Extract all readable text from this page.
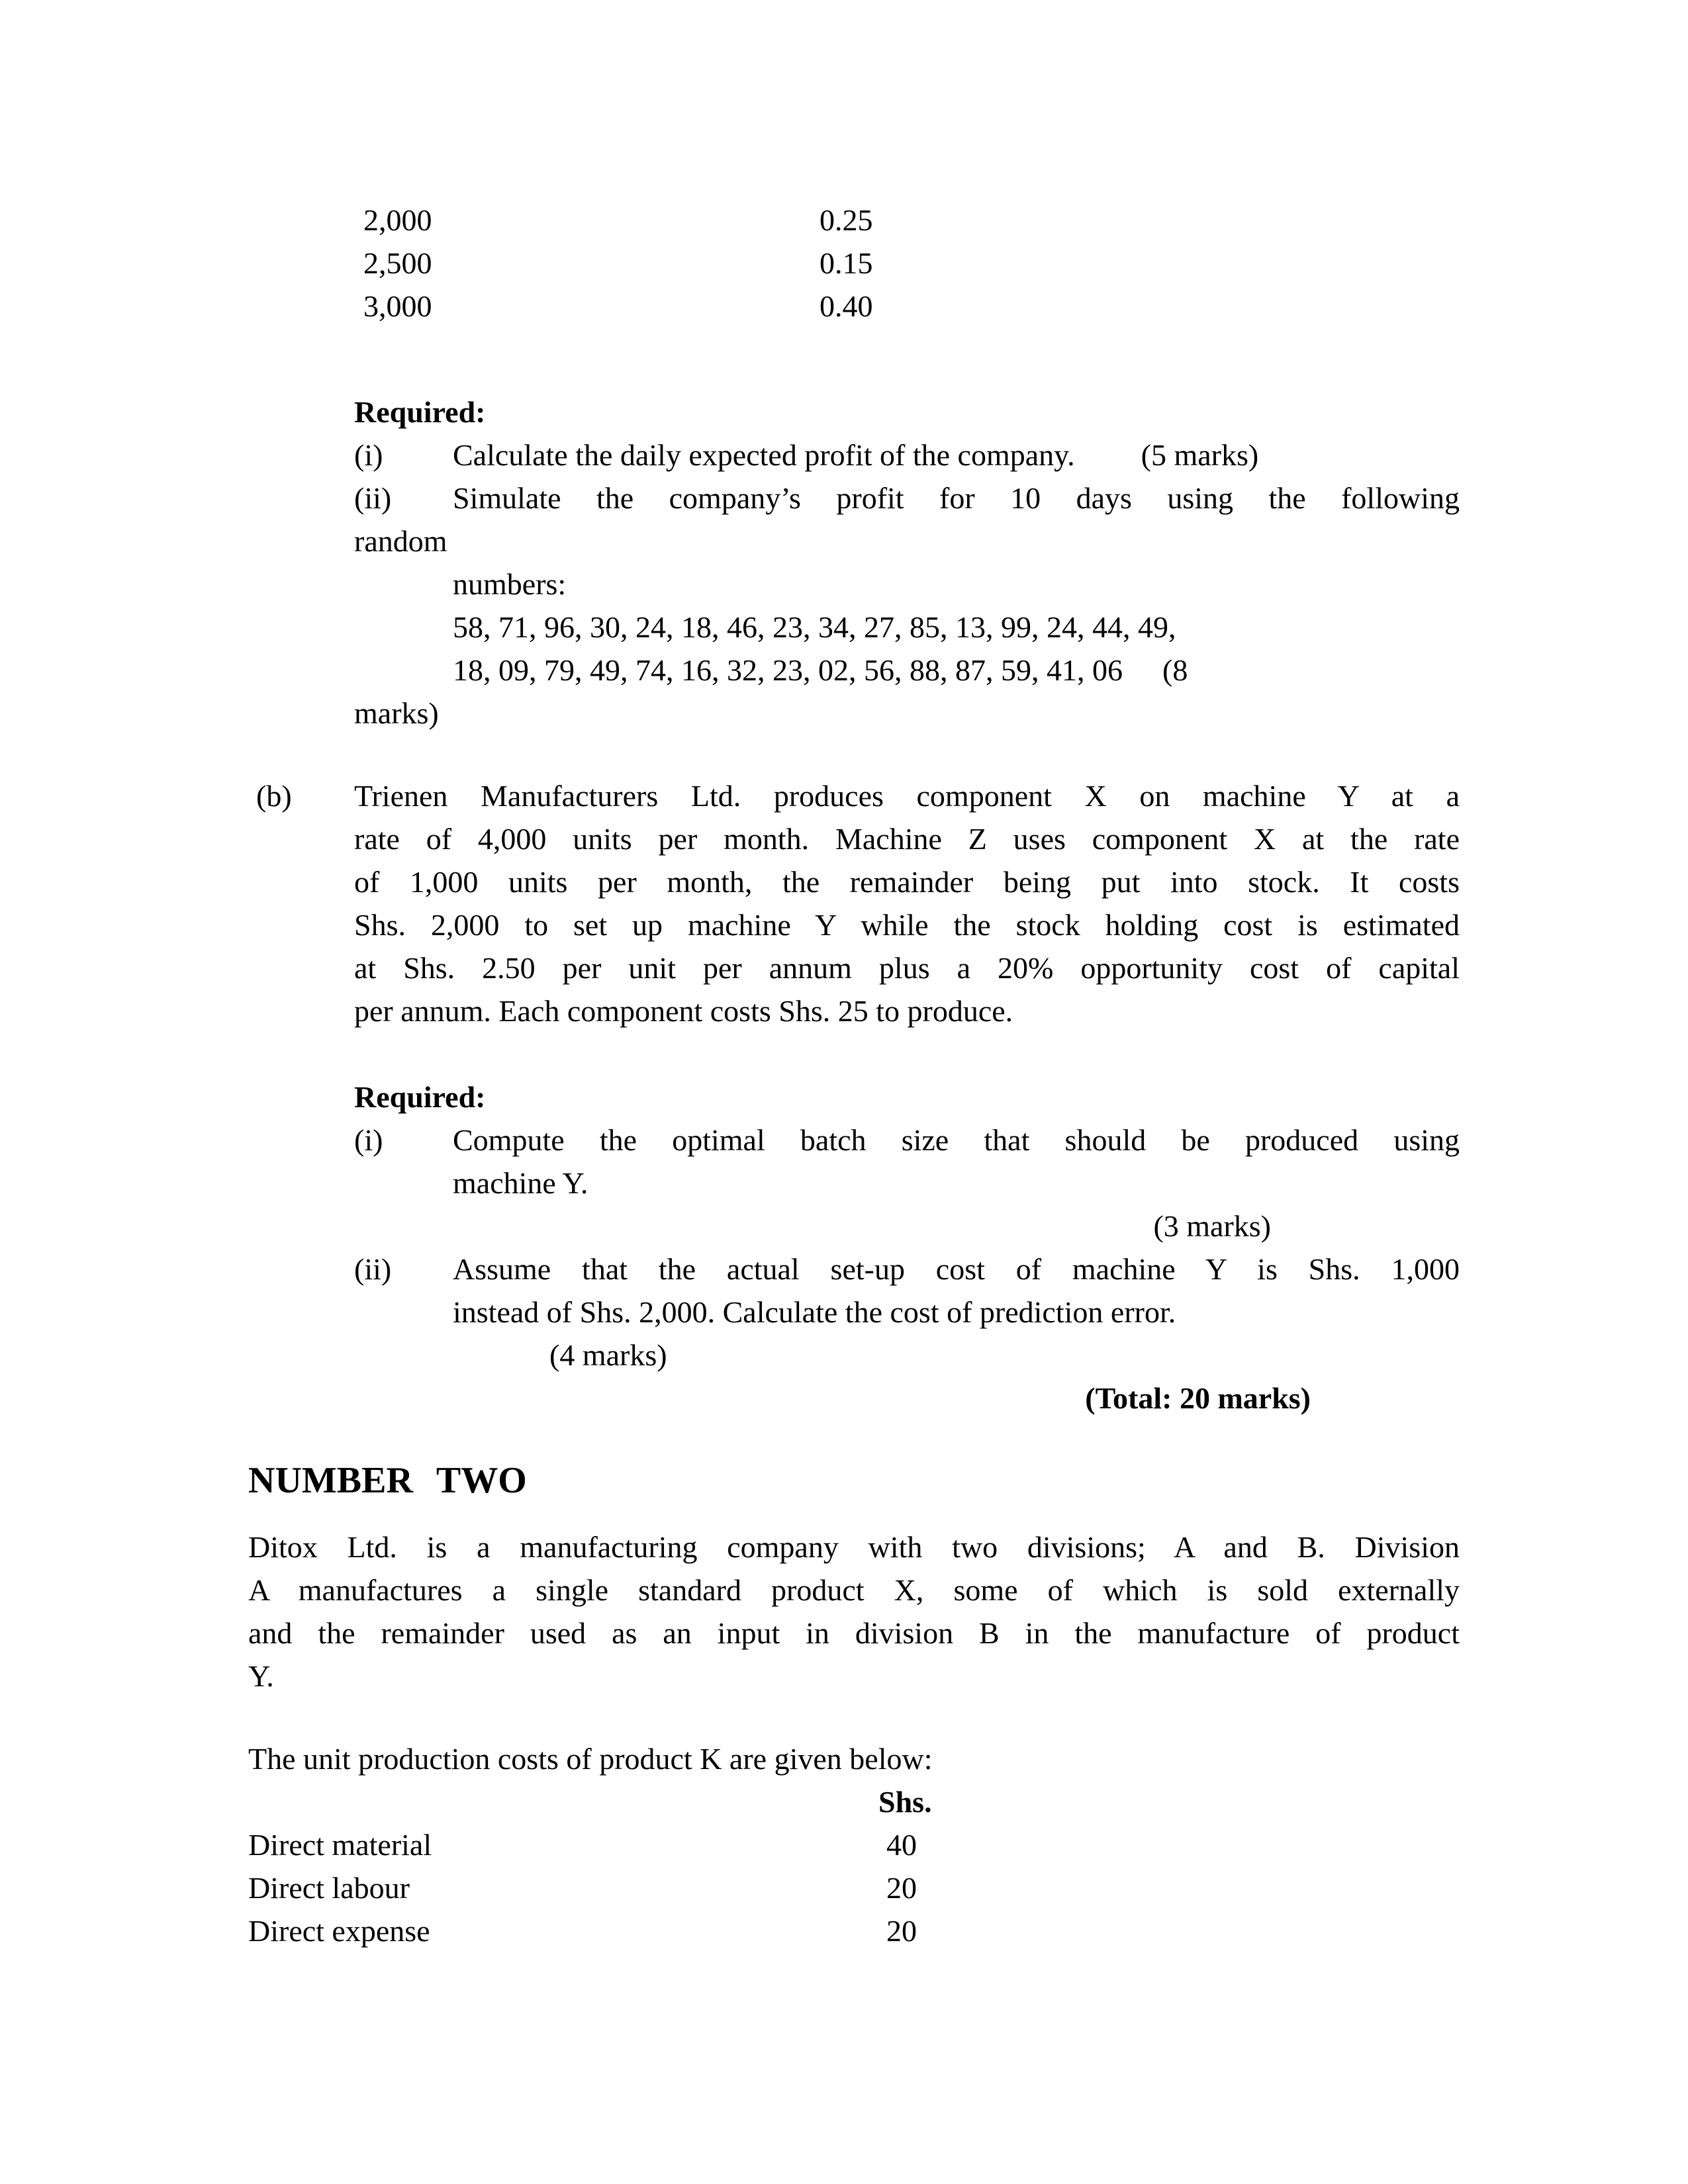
2,000	0.25
2,500	0.15
3,000	0.40
Required:
(i)	Calculate the daily expected profit of the company. (5 marks)
(ii)	Simulate the company’s profit for 10 days using the following
random
numbers:
58, 71, 96, 30, 24, 18, 46, 23, 34, 27, 85, 13, 99, 24, 44, 49,
18, 09, 79, 49, 74, 16, 32, 23, 02, 56, 88, 87, 59, 41, 06 (8
marks)
(b)	Trienen Manufacturers Ltd. produces component X on machine Y at a
rate of 4,000 units per month. Machine Z uses component X at the rate
of 1,000 units per month, the remainder being put into stock. It costs
Shs. 2,000 to set up machine Y while the stock holding cost is estimated
at Shs. 2.50 per unit per annum plus a 20% opportunity cost of capital
per annum. Each component costs Shs. 25 to produce.
Required:
(i)	Compute the optimal batch size that should be produced using
machine Y.
(3 marks)
(ii)	Assume that the actual set-up cost of machine Y is Shs. 1,000
instead of Shs. 2,000. Calculate the cost of prediction error.
(4 marks)
(Total: 20 marks)
NUMBER TWO
Ditox Ltd. is a manufacturing company with two divisions; A and B. Division
A manufactures a single standard product X, some of which is sold externally
and the remainder used as an input in division B in the manufacture of product
Y.
The unit production costs of product K are given below:
Shs.
Direct material	40
Direct labour	20
Direct expense	20
